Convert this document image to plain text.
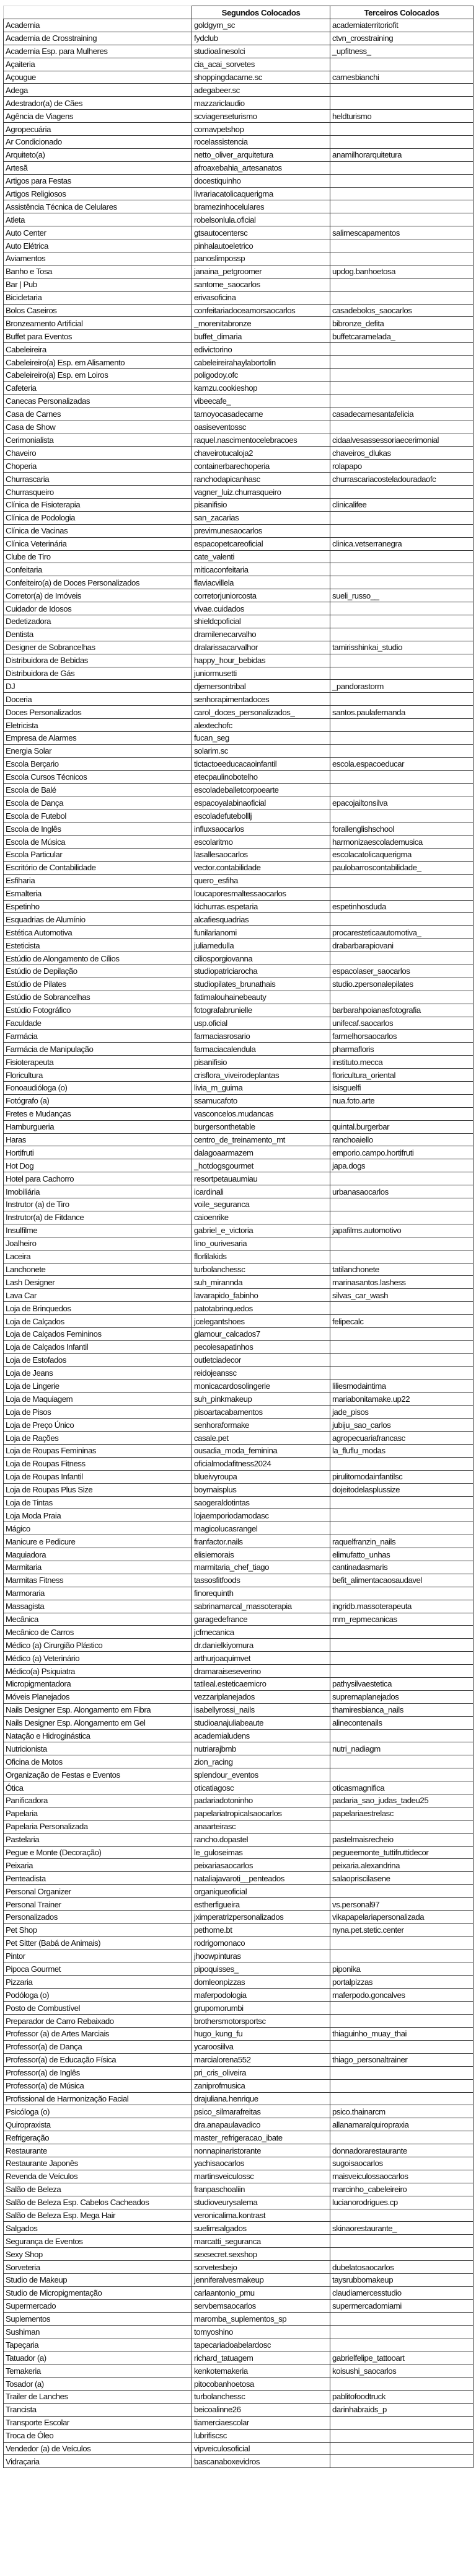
	Segundos Colocados	Terceiros Colocados
Academia	goldgym_sc	academiaterritoriofit
Academia de Crosstraining	fydclub	ctvn_crosstraining
Academia Esp. para Mulheres	studioalinesolci	_upfitness_
Açaiteria	cia_acai_sorvetes	
Açougue	shoppingdacarne.sc	carnesbianchi
Adega	adegabeer.sc	
Adestrador(a) de Cães	mazzariclaudio	
Agência de Viagens	scviagenseturismo	heldturismo
Agropecuária	comavpetshop	
Ar Condicionado	rocelassistencia	
Arquiteto(a)	netto_oliver_arquitetura	anamilhorarquitetura
Artesã	afroaxebahia_artesanatos	
Artigos para Festas	docestiquinho	
Artigos Religiosos	livrariacatolicaquerigma	
Assistência Técnica de Celulares	bramezinhocelulares	
Atleta	robelsonlula.oficial	
Auto Center	gtsautocentersc	salimescapamentos
Auto Elétrica	pinhalautoeletrico	
Aviamentos	panoslimpossp	
Banho e Tosa	janaina_petgroomer	updog.banhoetosa
Bar | Pub	santome_saocarlos	
Bicicletaria	erivasoficina	
Bolos Caseiros	confeitariadoceamorsaocarlos	casadebolos_saocarlos
Bronzeamento Artificial	_morenitabronze	bibronze_defita
Buffet para Eventos	buffet_dimaria	buffetcaramelada_
Cabeleireira	edivictorino	
Cabeleireiro(a) Esp. em Alisamento	cabeleireirahaylabortolin	
Cabeleireiro(a) Esp. em Loiros	poligodoy.ofc	
Cafeteria	kamzu.cookieshop	
Canecas Personalizadas	vibeecafe_	
Casa de Carnes	tamoyocasadecarne	casadecarnesantafelicia
Casa de Show	oasiseventossc	
Cerimonialista	raquel.nascimentocelebracoes	cidaalvesassessoriaecerimonial
Chaveiro	chaveirotucaloja2	chaveiros_dlukas
Choperia	containerbarechoperia	rolapapo
Churrascaria	ranchodapicanhasc	churrascariacosteladouradaofc
Churrasqueiro	vagner_luiz.churrasqueiro	
Clínica de Fisioterapia	pisanifisio	clinicalifee
Clínica de Podologia	san_zacarias	
Clínica de Vacinas	previmunesaocarlos	
Clínica Veterinária	espacopetcareoficial	clinica.vetserranegra
Clube de Tiro	cate_valenti	
Confeitaria	miticaconfeitaria	
Confeiteiro(a) de Doces Personalizados	flaviacvillela	
Corretor(a) de Imóveis	corretorjuniorcosta	sueli_russo__
Cuidador de Idosos	vivae.cuidados	
Dedetizadora	shieldcpoficial	
Dentista	dramilenecarvalho	
Designer de Sobrancelhas	dralarissacarvalhor	tamirisshinkai_studio
Distribuidora de Bebidas	happy_hour_bebidas	
Distribuidora de Gás	juniormusetti	
DJ	djemersontribal	_pandorastorm
Doceria	senhorapimentadoces	
Doces Personalizados	carol_doces_personalizados_	santos.paulafernanda
Eletricista	alextechofc	
Empresa de Alarmes	fucan_seg	
Energia Solar	solarim.sc	
Escola Berçario	tictactoeeducacaoinfantil	escola.espacoeducar
Escola Cursos Técnicos	etecpaulinobotelho	
Escola de Balé	escoladeballetcorpoearte	
Escola de Dança	espacoyalabinaoficial	epacojailtonsilva
Escola de Futebol	escoladefutebolllj	
Escola de Inglês	influxsaocarlos	forallenglishschool
Escola de Música	escolaritmo	harmonizaescolademusica
Escola Particular	lasallesaocarlos	escolacatolicaquerigma
Escritório de Contabilidade	vector.contabilidade	paulobarroscontabilidade_
Esfiharia	quero_esfiha	
Esmalteria	loucaporesmaltessaocarlos	
Espetinho	kichurras.espetaria	espetinhosduda
Esquadrias de Alumínio	alcafiesquadrias	
Estética Automotiva	funilarianomi	procaresteticaautomotiva_
Esteticista	juliamedulla	drabarbarapiovani
Estúdio de Alongamento de Cílios	ciliosporgiovanna	
Estúdio de Depilação	studiopatriciarocha	espacolaser_saocarlos
Estúdio de Pilates	studiopilates_brunathais	studio.zpersonalepilates
Estúdio de Sobrancelhas	fatimalouhainebeauty	
Estúdio Fotográfico	fotografabrunielle	barbarahpoianasfotografia
Faculdade	usp.oficial	unifecaf.saocarlos
Farmácia	farmaciasrosario	farmelhorsaocarlos
Farmácia de Manipulação	farmaciacalendula	pharmafloris
Fisioterapeuta	pisanifisio	instituto.mecca
Floricultura	crisflora_viveirodeplantas	floricultura_oriental
Fonoaudióloga (o)	livia_m_guima	isisguelfi
Fotógrafo (a)	ssamucafoto	nua.foto.arte
Fretes e Mudanças	vasconcelos.mudancas	
Hamburgueria	burgersonthetable	quintal.burgerbar
Haras	centro_de_treinamento_mt	ranchoaiello
Hortifruti	dalagoaarmazem	emporio.campo.hortifruti
Hot Dog	_hotdogsgourmet	japa.dogs
Hotel para Cachorro	resortpetauaumiau	
Imobiliária	icardinali	urbanasaocarlos
Instrutor (a) de Tiro	voile_seguranca	
Instrutor(a) de Fitdance	caioenrike	
Insulfilme	gabriel_e_victoria	japafilms.automotivo
Joalheiro	lino_ourivesaria	
Laceira	florlilakids	
Lanchonete	turbolanchessc	tatilanchonete
Lash Designer	suh_mirannda	marinasantos.lashess
Lava Car	lavarapido_fabinho	silvas_car_wash
Loja de Brinquedos	patotabrinquedos	
Loja de Calçados	jcelegantshoes	felipecalc
Loja de Calçados Femininos	glamour_calcados7	
Loja de Calçados Infantil	pecolesapatinhos	
Loja de Estofados	outletciadecor	
Loja de Jeans	reidojeanssc	
Loja de Lingerie	monicacardosolingerie	liliesmodaintima
Loja de Maquiagem	suh_pinkmakeup	mariabonitamake.up22
Loja de Pisos	pisoartacabamentos	jade_pisos
Loja de Preço Único	senhoraformake	jubiju_sao_carlos
Loja de Rações	casale.pet	agropecuariafrancasc
Loja de Roupas Femininas	ousadia_moda_feminina	la_fluflu_modas
Loja de Roupas Fitness	oficialmodafitness2024	
Loja de Roupas Infantil	blueivyroupa	pirulitomodainfantilsc
Loja de Roupas Plus Size	boymaisplus	dojeitodelasplussize
Loja de Tintas	saogeraldotintas	
Loja Moda Praia	lojaemporiodamodasc	
Mágico	magicolucasrangel	
Manicure e Pedicure	franfactor.nails	raquelfranzin_nails
Maquiadora	elisiemorais	elimufatto_unhas
Marmitaria	marmitaria_chef_tiago	cantinadasmaris
Marmitas Fitness	tassosfitfoods	befit_alimentacaosaudavel
Marmoraria	finorequinth	
Massagista	sabrinamarcal_massoterapia	ingridb.massoterapeuta
Mecânica	garagedefrance	mm_repmecanicas
Mecânico de Carros	jcfmecanica	
Médico (a) Cirurgião Plástico	dr.danielkiyomura	
Médico (a) Veterinário	arthurjoaquimvet	
Médico(a) Psiquiatra	dramaraiseseverino	
Micropigmentadora	tatileal.esteticaemicro	pathysilvaestetica
Móveis Planejados	vezzariplanejados	supremaplanejados
Nails Designer Esp. Alongamento em Fibra	isabellyrossi_nails	thamiresbianca_nails
Nails Designer Esp. Alongamento em Gel	studioanajuliabeaute	alinecontenails
Natação e Hidroginástica	academialudens	
Nutricionista	nutriarajbmb	nutri_nadiagm
Oficina de Motos	zion_racing	
Organização de Festas e Eventos	splendour_eventos	
Ótica	oticatiagosc	oticasmagnifica
Panificadora	padariadotoninho	padaria_sao_judas_tadeu25
Papelaria	papelariatropicalsaocarlos	papelariaestrelasc
Papelaria Personalizada	anaarteirasc	
Pastelaria	rancho.dopastel	pastelmaisrecheio
Pegue e Monte (Decoração)	le_guloseimas	pegueemonte_tuttifruttidecor
Peixaria	peixariasaocarlos	peixaria.alexandrina
Penteadista	nataliajavaroti__penteados	salaopriscilasene
Personal Organizer	organiqueoficial	
Personal Trainer	estherfigueira	vs.personal97
Personalizados	jximperatrizpersonalizados	vikapapelariapersonalizada
Pet Shop	pethome.bt	nyna.pet.stetic.center
Pet Sitter (Babá de Animais)	rodrigomonaco	
Pintor	jhoowpinturas	
Pipoca Gourmet	pipoquisses_	piponika
Pizzaria	domleonpizzas	portalpizzas
Podóloga (o)	maferpodologia	maferpodo.goncalves
Posto de Combustível	grupomorumbi	
Preparador de Carro Rebaixado	brothersmotorsportsc	
Professor (a) de Artes Marciais	hugo_kung_fu	thiaguinho_muay_thai
Professor(a) de Dança	ycaroosiilva	
Professor(a) de Educação Física	marcialorena552	thiago_personaltrainer
Professor(a) de Inglês	pri_cris_oliveira	
Professor(a) de Música	zaniprofmusica	
Profissional de Harmonização Facial	drajuliana.henrique	
Psicóloga (o)	psico_silmarafreitas	psico.thainarcm
Quiropraxista	dra.anapaulavadico	allanamaralquiropraxia
Refrigeração	master_refrigeracao_ibate	
Restaurante	nonnapinaristorante	donnadorarestaurante
Restaurante Japonês	yachisaocarlos	sugoisaocarlos
Revenda de Veículos	martinsveiculossc	maisveiculossaocarlos
Salão de Beleza	franpaschoaliin	marcinho_cabeleireiro
Salão de Beleza Esp. Cabelos Cacheados	studioveurysalema	lucianorodrigues.cp
Salão de Beleza Esp. Mega Hair	veronicalima.kontrast	
Salgados	suelimsalgados	skinaorestaurante_
Segurança de Eventos	marcatti_seguranca	
Sexy Shop	sexsecret.sexshop	
Sorveteria	sorvetesbejo	dubelatosaocarlos
Studio de Makeup	jenniferalvesmakeup	taysrubbomakeup
Studio de Micropigmentação	carlaantonio_pmu	claudiamercesstudio
Supermercado	servbemsaocarlos	supermercadomiami
Suplementos	maromba_suplementos_sp	
Sushiman	tomyoshino	
Tapeçaria	tapecariadoabelardosc	
Tatuador (a)	richard_tatuagem	gabrielfelipe_tattooart
Temakeria	kenkotemakeria	koisushi_saocarlos
Tosador (a)	pitocobanhoetosa	
Trailer de Lanches	turbolanchessc	pablitofoodtruck
Trancista	beicoalinne26	darinhabraids_p
Transporte Escolar	tiamerciaescolar	
Troca de Óleo	lubrifiscsc	
Vendedor (a) de Veículos	vipveiculosoficial	
Vidraçaria	bascanaboxevidros	
